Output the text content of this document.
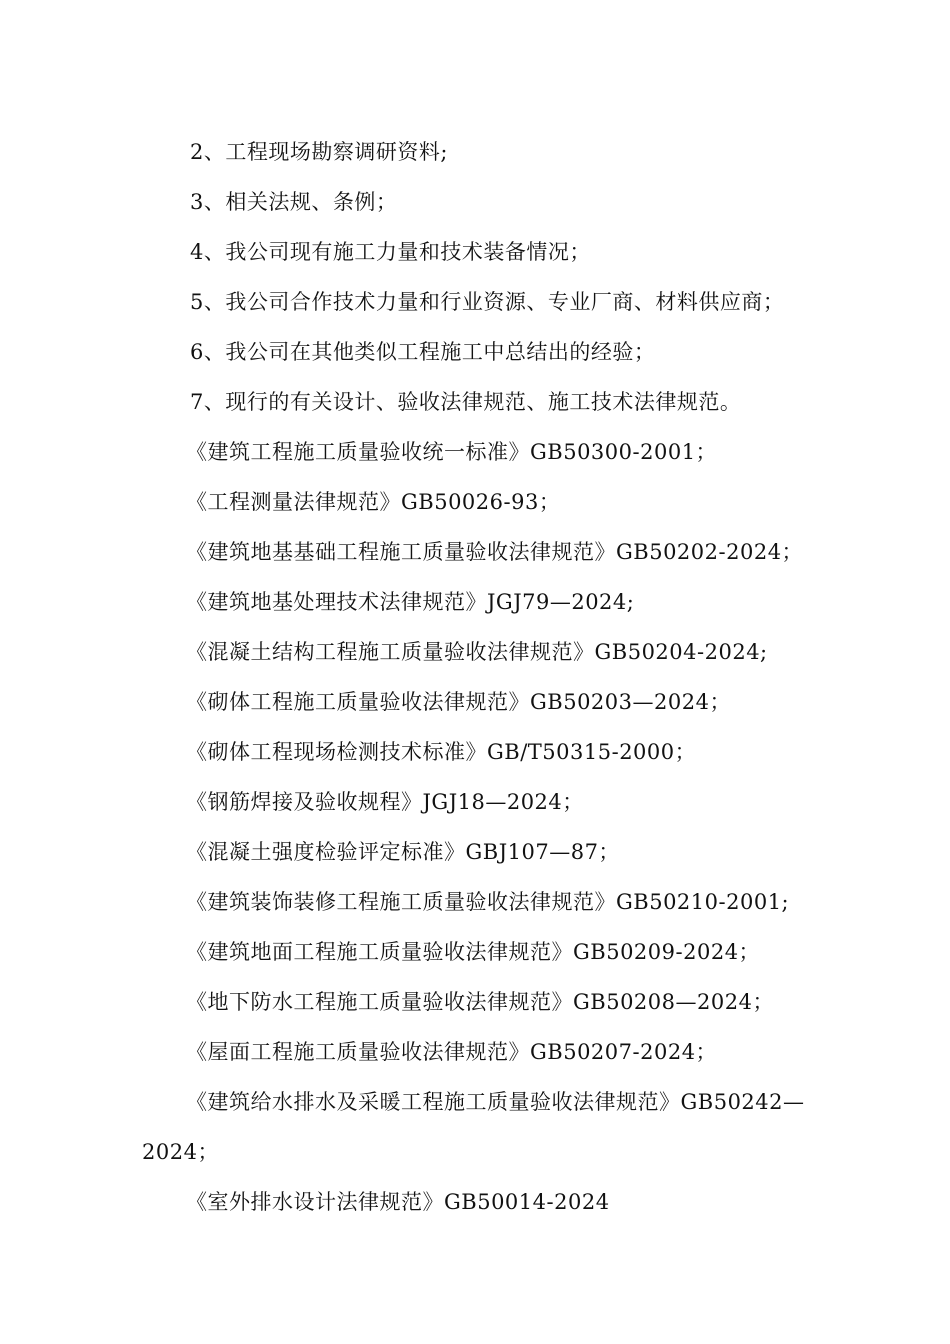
2、工程现场勘察调研资料;

3、相关法规、条例；

4、我公司现有施工力量和技术装备情况；

5、我公司合作技术力量和行业资源、专业厂商、材料供应商；

6、我公司在其他类似工程施工中总结出的经验；

7、现行的有关设计、验收法律规范、施工技术法律规范。

《建筑工程施工质量验收统一标准》GB50300-2001；

《工程测量法律规范》GB50026-93；

《建筑地基基础工程施工质量验收法律规范》GB50202-2024；

《建筑地基处理技术法律规范》JGJ79—2024;

《混凝土结构工程施工质量验收法律规范》GB50204-2024;

《砌体工程施工质量验收法律规范》GB50203—2024；

《砌体工程现场检测技术标准》GB/T50315-2000；

《钢筋焊接及验收规程》JGJ18—2024；

《混凝土强度检验评定标准》GBJ107—87；

《建筑装饰装修工程施工质量验收法律规范》GB50210-2001;

《建筑地面工程施工质量验收法律规范》GB50209-2024；

《地下防水工程施工质量验收法律规范》GB50208—2024；

《屋面工程施工质量验收法律规范》GB50207-2024；

《建筑给水排水及采暖工程施工质量验收法律规范》GB50242—

2024；

《室外排水设计法律规范》GB50014-2024
